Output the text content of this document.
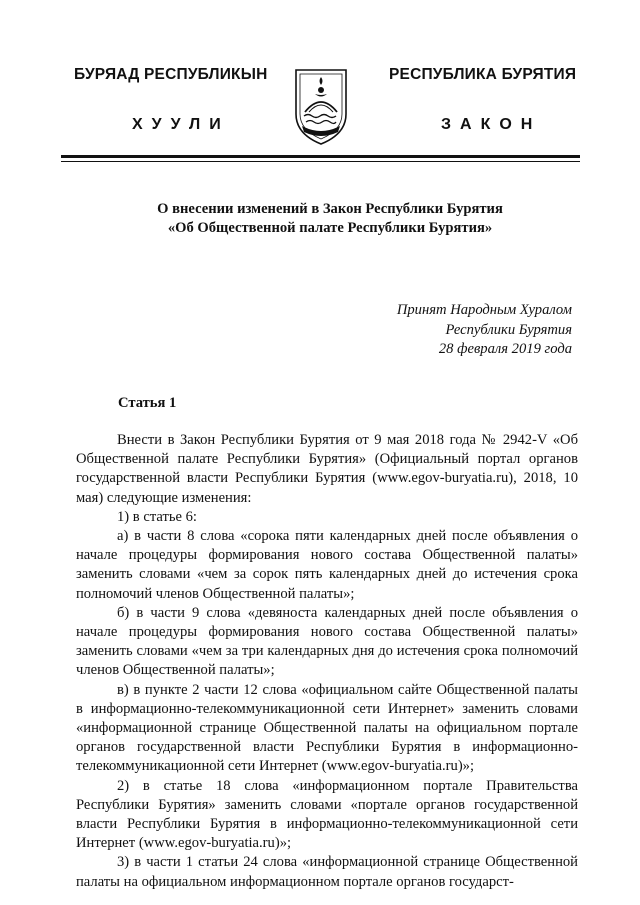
БУРЯАД РЕСПУБЛИКЫН
ХУУЛИ
РЕСПУБЛИКА БУРЯТИЯ
ЗАКОН
О внесении изменений в Закон Республики Бурятия
«Об Общественной палате Республики Бурятия»
Принят Народным Хуралом
Республики Бурятия
28 февраля 2019 года
Статья 1

Внести в Закон Республики Бурятия от 9 мая 2018 года № 2942-V «Об Общественной палате Республики Бурятия» (Официальный портал органов государственной власти Республики Бурятия (www.egov-buryatia.ru), 2018, 10 мая) следующие изменения:

1) в статье 6:

а) в части 8 слова «сорока пяти календарных дней после объявления о начале процедуры формирования нового состава Общественной палаты» заменить словами «чем за сорок пять календарных дней до истечения срока полномочий членов Общественной палаты»;

б) в части 9 слова «девяноста календарных дней после объявления о начале процедуры формирования нового состава Общественной палаты» заменить словами «чем за три календарных дня до истечения срока полномочий членов Общественной палаты»;

в) в пункте 2 части 12 слова «официальном сайте Общественной палаты в информационно-телекоммуникационной сети Интернет» заменить словами «информационной странице Общественной палаты на официальном портале органов государственной власти Республики Бурятия в информационно-телекоммуникационной сети Интернет (www.egov-buryatia.ru)»;

2) в статье 18 слова «информационном портале Правительства Республики Бурятия» заменить словами «портале органов государственной власти Республики Бурятия в информационно-телекоммуникационной сети Интернет (www.egov-buryatia.ru)»;

3) в части 1 статьи 24 слова «информационной странице Общественной палаты на официальном информационном портале органов государст-
